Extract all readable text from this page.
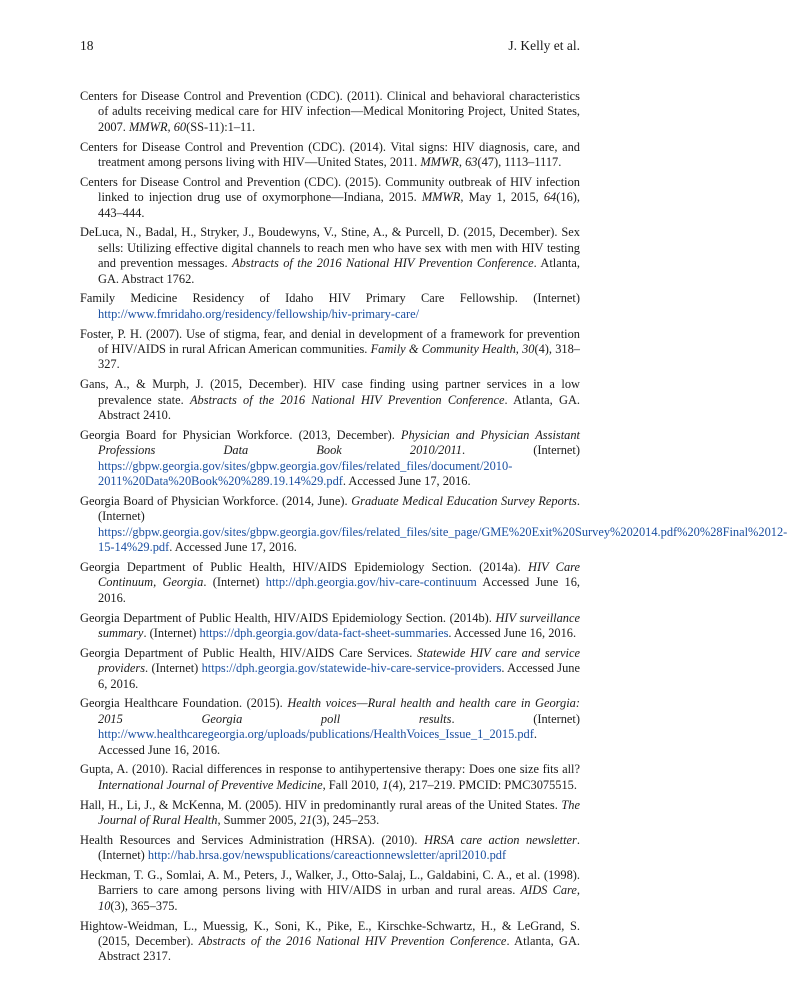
18	J. Kelly et al.
Centers for Disease Control and Prevention (CDC). (2011). Clinical and behavioral characteristics of adults receiving medical care for HIV infection—Medical Monitoring Project, United States, 2007. MMWR, 60(SS-11):1–11.
Centers for Disease Control and Prevention (CDC). (2014). Vital signs: HIV diagnosis, care, and treatment among persons living with HIV—United States, 2011. MMWR, 63(47), 1113–1117.
Centers for Disease Control and Prevention (CDC). (2015). Community outbreak of HIV infection linked to injection drug use of oxymorphone—Indiana, 2015. MMWR, May 1, 2015, 64(16), 443–444.
DeLuca, N., Badal, H., Stryker, J., Boudewyns, V., Stine, A., & Purcell, D. (2015, December). Sex sells: Utilizing effective digital channels to reach men who have sex with men with HIV testing and prevention messages. Abstracts of the 2016 National HIV Prevention Conference. Atlanta, GA. Abstract 1762.
Family Medicine Residency of Idaho HIV Primary Care Fellowship. (Internet) http://www.fmridaho.org/residency/fellowship/hiv-primary-care/
Foster, P. H. (2007). Use of stigma, fear, and denial in development of a framework for prevention of HIV/AIDS in rural African American communities. Family & Community Health, 30(4), 318–327.
Gans, A., & Murph, J. (2015, December). HIV case finding using partner services in a low prevalence state. Abstracts of the 2016 National HIV Prevention Conference. Atlanta, GA. Abstract 2410.
Georgia Board for Physician Workforce. (2013, December). Physician and Physician Assistant Professions Data Book 2010/2011. (Internet) https://gbpw.georgia.gov/sites/gbpw.georgia.gov/files/related_files/document/2010-2011%20Data%20Book%20%289.19.14%29.pdf. Accessed June 17, 2016.
Georgia Board of Physician Workforce. (2014, June). Graduate Medical Education Survey Reports. (Internet) https://gbpw.georgia.gov/sites/gbpw.georgia.gov/files/related_files/site_page/GME%20Exit%20Survey%202014.pdf%20%28Final%2012-15-14%29.pdf. Accessed June 17, 2016.
Georgia Department of Public Health, HIV/AIDS Epidemiology Section. (2014a). HIV Care Continuum, Georgia. (Internet) http://dph.georgia.gov/hiv-care-continuum Accessed June 16, 2016.
Georgia Department of Public Health, HIV/AIDS Epidemiology Section. (2014b). HIV surveillance summary. (Internet) https://dph.georgia.gov/data-fact-sheet-summaries. Accessed June 16, 2016.
Georgia Department of Public Health, HIV/AIDS Care Services. Statewide HIV care and service providers. (Internet) https://dph.georgia.gov/statewide-hiv-care-service-providers. Accessed June 6, 2016.
Georgia Healthcare Foundation. (2015). Health voices—Rural health and health care in Georgia: 2015 Georgia poll results. (Internet) http://www.healthcaregeorgia.org/uploads/publications/HealthVoices_Issue_1_2015.pdf. Accessed June 16, 2016.
Gupta, A. (2010). Racial differences in response to antihypertensive therapy: Does one size fits all? International Journal of Preventive Medicine, Fall 2010, 1(4), 217–219. PMCID: PMC3075515.
Hall, H., Li, J., & McKenna, M. (2005). HIV in predominantly rural areas of the United States. The Journal of Rural Health, Summer 2005, 21(3), 245–253.
Health Resources and Services Administration (HRSA). (2010). HRSA care action newsletter. (Internet) http://hab.hrsa.gov/newspublications/careactionnewsletter/april2010.pdf
Heckman, T. G., Somlai, A. M., Peters, J., Walker, J., Otto-Salaj, L., Galdabini, C. A., et al. (1998). Barriers to care among persons living with HIV/AIDS in urban and rural areas. AIDS Care, 10(3), 365–375.
Hightow-Weidman, L., Muessig, K., Soni, K., Pike, E., Kirschke-Schwartz, H., & LeGrand, S. (2015, December). Abstracts of the 2016 National HIV Prevention Conference. Atlanta, GA. Abstract 2317.
